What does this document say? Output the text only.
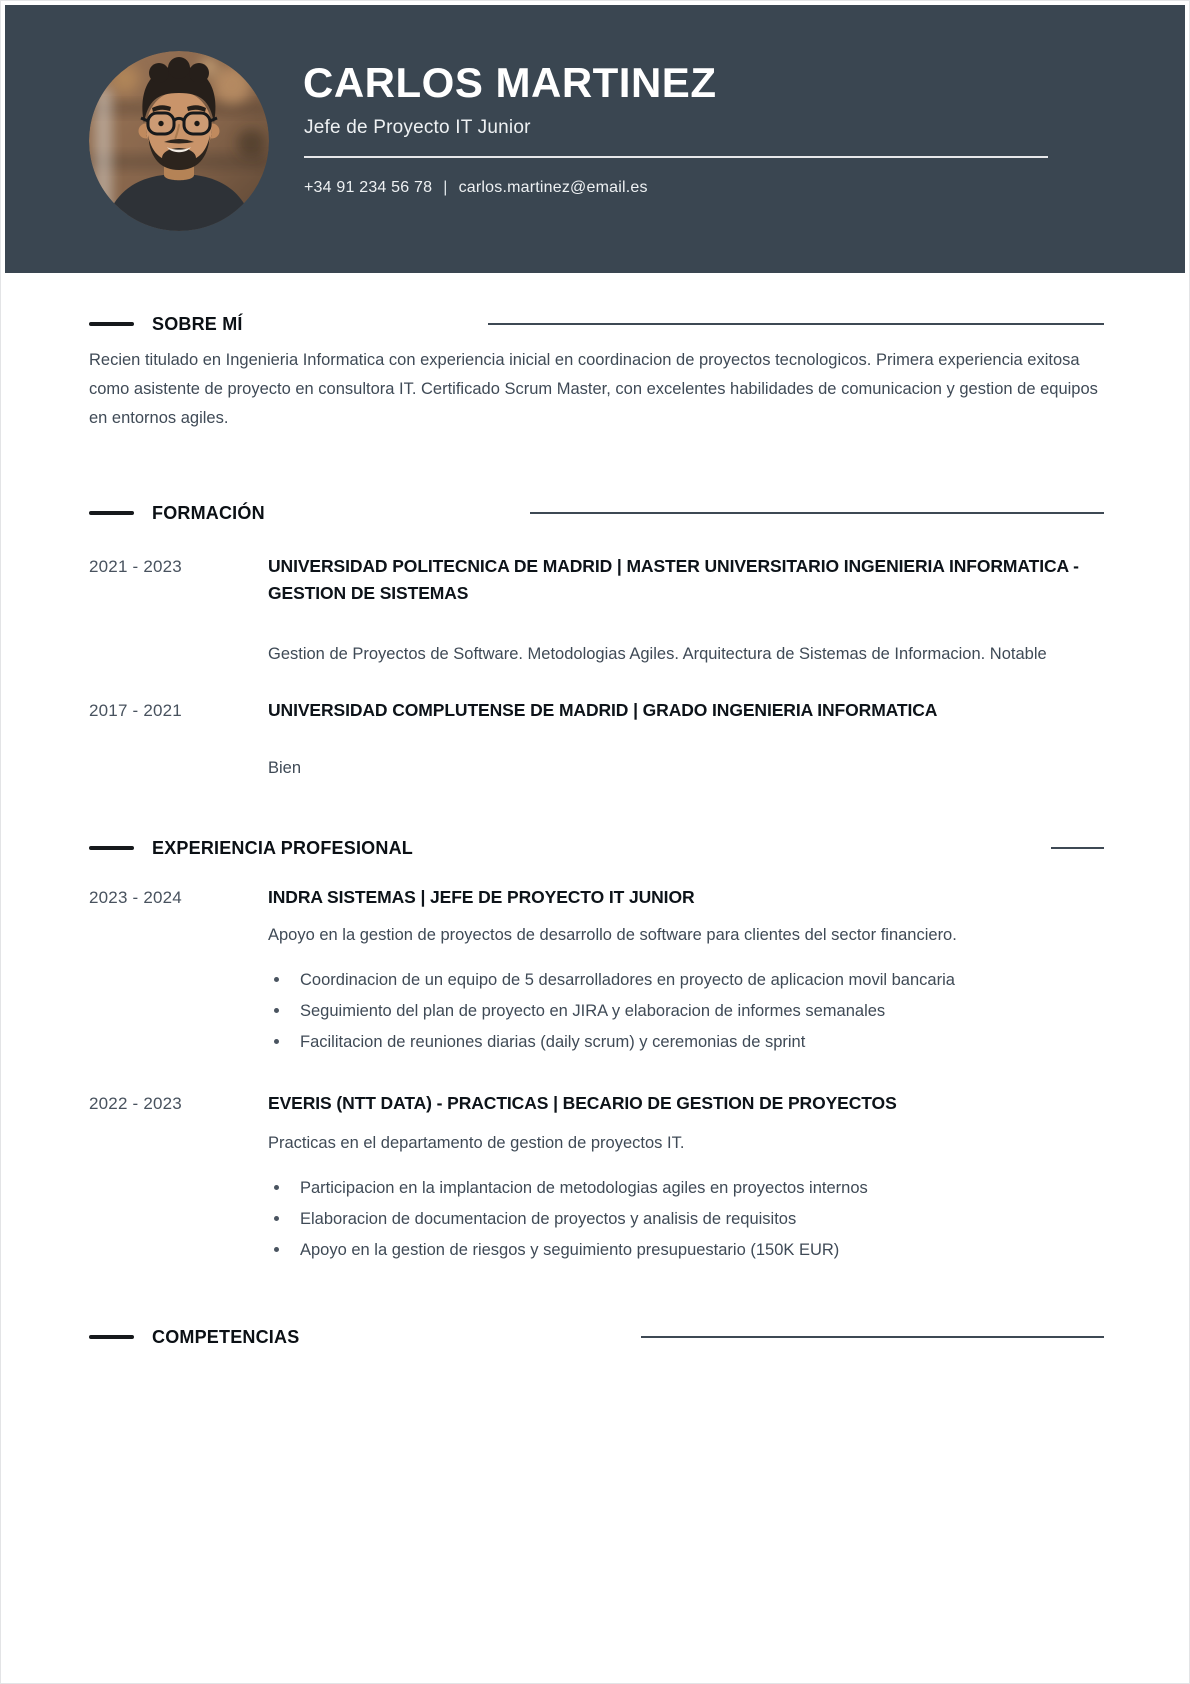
CARLOS MARTINEZ
Jefe de Proyecto IT Junior
+34 91 234 56 78 | carlos.martinez@email.es
SOBRE MÍ

Recien titulado en Ingenieria Informatica con experiencia inicial en coordinacion de proyectos tecnologicos. Primera experiencia exitosa como asistente de proyecto en consultora IT. Certificado Scrum Master, con excelentes habilidades de comunicacion y gestion de equipos en entornos agiles.

FORMACIÓN
2021 - 2023	UNIVERSIDAD POLITECNICA DE MADRID | MASTER UNIVERSITARIO INGENIERIA INFORMATICA - GESTION DE SISTEMAS

Gestion de Proyectos de Software. Metodologias Agiles. Arquitectura de Sistemas de Informacion. Notable

2017 - 2021	UNIVERSIDAD COMPLUTENSE DE MADRID | GRADO INGENIERIA INFORMATICA

Bien

EXPERIENCIA PROFESIONAL
2023 - 2024	INDRA SISTEMAS | JEFE DE PROYECTO IT JUNIOR

Apoyo en la gestion de proyectos de desarrollo de software para clientes del sector financiero.

Coordinacion de un equipo de 5 desarrolladores en proyecto de aplicacion movil bancaria
Seguimiento del plan de proyecto en JIRA y elaboracion de informes semanales
Facilitacion de reuniones diarias (daily scrum) y ceremonias de sprint
2022 - 2023	EVERIS (NTT DATA) - PRACTICAS | BECARIO DE GESTION DE PROYECTOS

Practicas en el departamento de gestion de proyectos IT.

Participacion en la implantacion de metodologias agiles en proyectos internos
Elaboracion de documentacion de proyectos y analisis de requisitos
Apoyo en la gestion de riesgos y seguimiento presupuestario (150K EUR)
COMPETENCIAS
